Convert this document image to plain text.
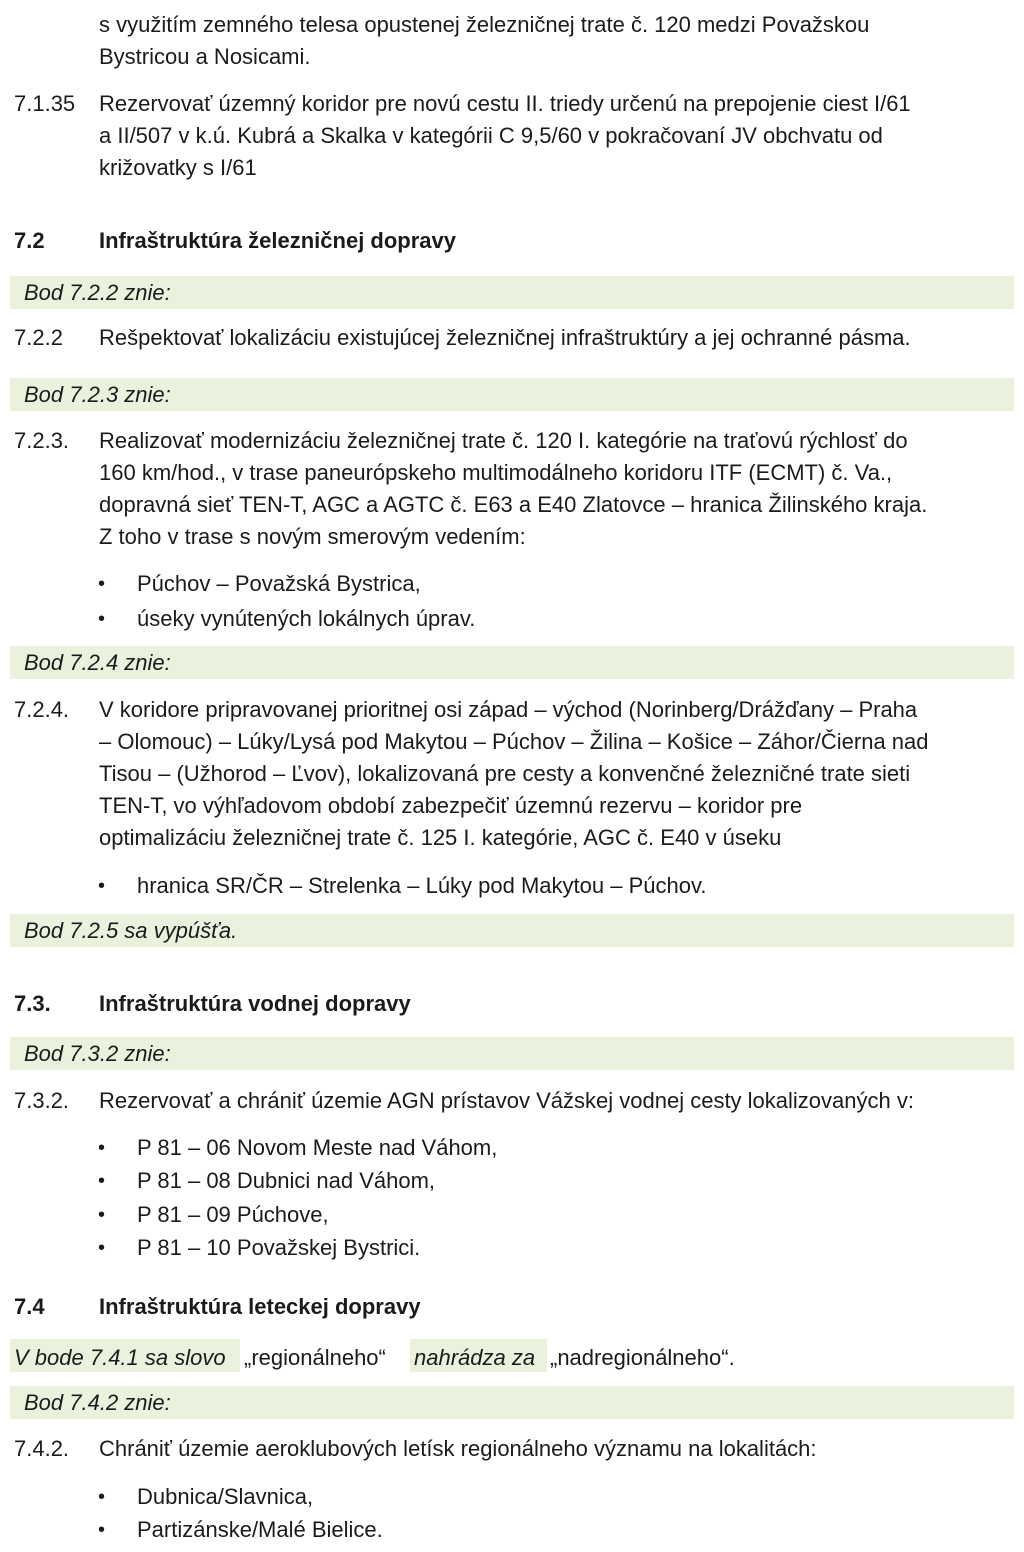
s využitím zemného telesa opustenej železničnej trate č. 120 medzi Považskou
Bystricou a Nosicami.
7.1.35 Rezervovať územný koridor pre novú cestu II. triedy určenú na prepojenie ciest I/61
a II/507 v k.ú. Kubrá a Skalka v kategórii C 9,5/60 v pokračovaní JV obchvatu od
križovatky s I/61
7.2 Infraštruktúra železničnej dopravy
Bod 7.2.2 znie:
7.2.2 Rešpektovať lokalizáciu existujúcej železničnej infraštruktúry a jej ochranné pásma.
Bod 7.2.3 znie:
7.2.3. Realizovať modernizáciu železničnej trate č. 120 I. kategórie na traťovú rýchlosť do
160 km/hod., v trase paneurópskeho multimodálneho koridoru ITF (ECMT) č. Va.,
dopravná sieť TEN-T, AGC a AGTC č. E63 a E40 Zlatovce – hranica Žilinského kraja.
Z toho v trase s novým smerovým vedením:
• Púchov – Považská Bystrica,
• úseky vynútených lokálnych úprav.
Bod 7.2.4 znie:
7.2.4. V koridore pripravovanej prioritnej osi západ – východ (Norinberg/Drážďany – Praha
– Olomouc) – Lúky/Lysá pod Makytou – Púchov – Žilina – Košice – Záhor/Čierna nad
Tisou – (Užhorod – Ľvov), lokalizovaná pre cesty a konvenčné železničné trate sieti
TEN-T, vo výhľadovom období zabezpečiť územnú rezervu – koridor pre
optimalizáciu železničnej trate č. 125 I. kategórie, AGC č. E40 v úseku
• hranica SR/ČR – Strelenka – Lúky pod Makytou – Púchov.
Bod 7.2.5 sa vypúšťa.
7.3. Infraštruktúra vodnej dopravy
Bod 7.3.2 znie:
7.3.2. Rezervovať a chrániť územie AGN prístavov Vážskej vodnej cesty lokalizovaných v:
• P 81 – 06 Novom Meste nad Váhom,
• P 81 – 08 Dubnici nad Váhom,
• P 81 – 09 Púchove,
• P 81 – 10 Považskej Bystrici.
7.4 Infraštruktúra leteckej dopravy
V bode 7.4.1 sa slovo „regionálneho“ nahrádza za „nadregionálneho“.
Bod 7.4.2 znie:
7.4.2. Chrániť územie aeroklubových letísk regionálneho významu na lokalitách:
• Dubnica/Slavnica,
• Partizánske/Malé Bielice.
